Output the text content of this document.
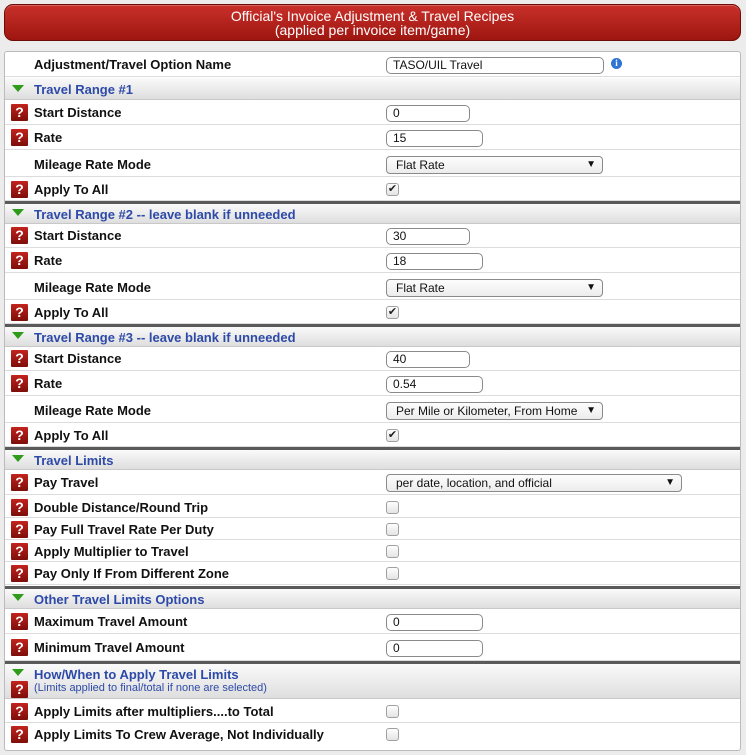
Official's Invoice Adjustment & Travel Recipes
(applied per invoice item/game)
Adjustment/Travel Option Name	TASO/UIL Travel	i
Travel Range #1
? Start Distance	0
? Rate	15
Mileage Rate Mode	Flat Rate	▼
? Apply To All	✔
Travel Range #2 -- leave blank if unneeded
? Start Distance	30
? Rate	18
Mileage Rate Mode	Flat Rate	▼
? Apply To All	✔
Travel Range #3 -- leave blank if unneeded
? Start Distance	40
? Rate	0.54
Mileage Rate Mode	Per Mile or Kilometer, From Home ▼
? Apply To All	✔
Travel Limits
? Pay Travel	per date, location, and official	▼
? Double Distance/Round Trip
? Pay Full Travel Rate Per Duty
? Apply Multiplier to Travel
? Pay Only If From Different Zone
Other Travel Limits Options
? Maximum Travel Amount	0
? Minimum Travel Amount	0
How/When to Apply Travel Limits
(Limits applied to final/total if none are selected)
?
? Apply Limits after multipliers....to Total
? Apply Limits To Crew Average, Not Individually
